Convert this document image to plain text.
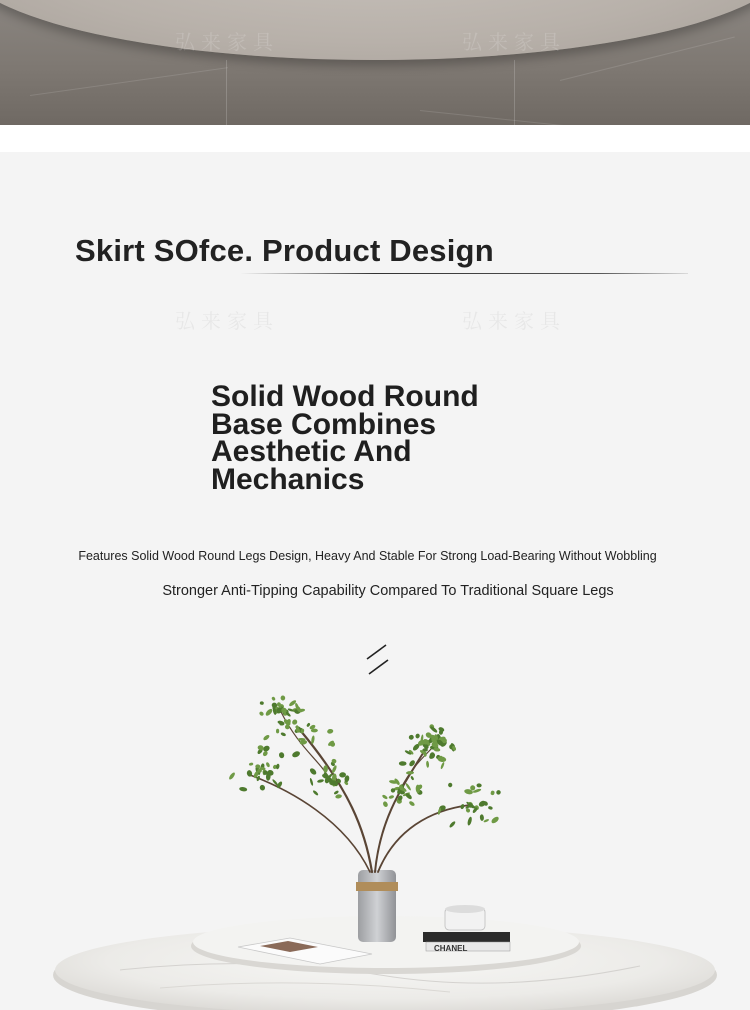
弘来家具	弘来家具
Skirt SOfce. Product Design
弘来家具	弘来家具
Solid Wood Round
Base Combines
Aesthetic And
Mechanics
Features Solid Wood Round Legs Design, Heavy And Stable For Strong Load-Bearing Without Wobbling
Stronger Anti-Tipping Capability Compared To Traditional Square Legs
CHANEL
